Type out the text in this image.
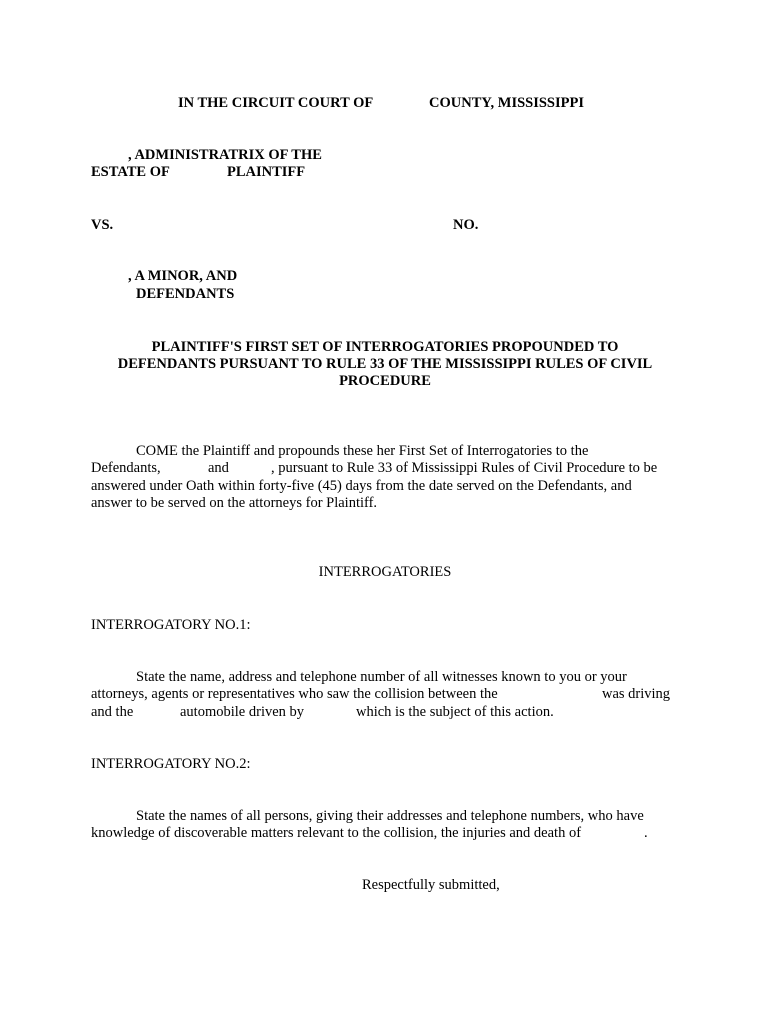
IN THE CIRCUIT COURT OF	COUNTY, MISSISSIPPI
, ADMINISTRATRIX OF THE
ESTATE OF	PLAINTIFF
VS.	NO.
, A MINOR, AND
DEFENDANTS
PLAINTIFF'S FIRST SET OF INTERROGATORIES PROPOUNDED TO
DEFENDANTS PURSUANT TO RULE 33 OF THE MISSISSIPPI RULES OF CIVIL
PROCEDURE
COME the Plaintiff and propounds these her First Set of Interrogatories to the
Defendants,	and	, pursuant to Rule 33 of Mississippi Rules of Civil Procedure to be
answered under Oath within forty-five (45) days from the date served on the Defendants, and
answer to be served on the attorneys for Plaintiff.
INTERROGATORIES
INTERROGATORY NO.1:
State the name, address and telephone number of all witnesses known to you or your
attorneys, agents or representatives who saw the collision between the	was driving
and the	automobile driven by	which is the subject of this action.
INTERROGATORY NO.2:
State the names of all persons, giving their addresses and telephone numbers, who have
knowledge of discoverable matters relevant to the collision, the injuries and death of	.
Respectfully submitted,
